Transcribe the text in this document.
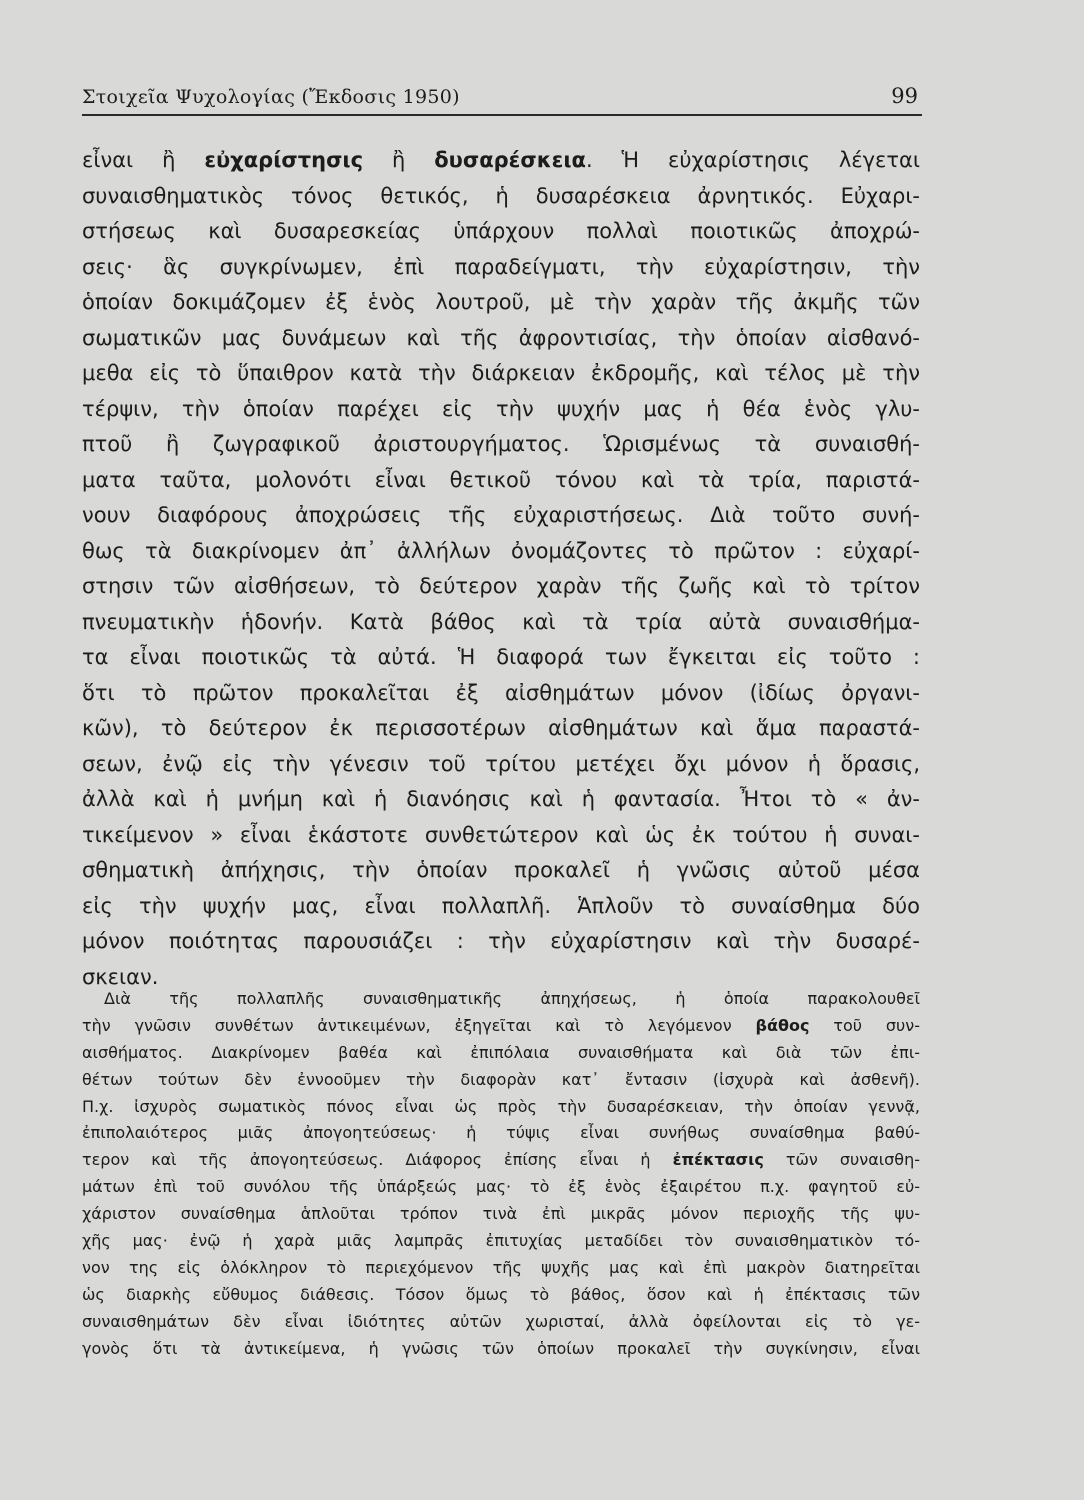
Στοιχεῖα Ψυχολογίας (Ἔκδοσις 1950)	99
εἶναι ἢ εὐχαρίστησις ἢ δυσαρέσκεια. Ἡ εὐχαρίστησις λέγεται
συναισθηματικὸς τόνος θετικός, ἡ δυσαρέσκεια ἀρνητικός. Εὐχαρι-
στήσεως καὶ δυσαρεσκείας ὑπάρχουν πολλαὶ ποιοτικῶς ἀποχρώ-
σεις· ἃς συγκρίνωμεν, ἐπὶ παραδείγματι, τὴν εὐχαρίστησιν, τὴν
ὁποίαν δοκιμάζομεν ἐξ ἑνὸς λουτροῦ, μὲ τὴν χαρὰν τῆς ἀκμῆς τῶν
σωματικῶν μας δυνάμεων καὶ τῆς ἀφροντισίας, τὴν ὁποίαν αἰσθανό-
μεθα εἰς τὸ ὕπαιθρον κατὰ τὴν διάρκειαν ἐκδρομῆς, καὶ τέλος μὲ τὴν
τέρψιν, τὴν ὁποίαν παρέχει εἰς τὴν ψυχήν μας ἡ θέα ἑνὸς γλυ-
πτοῦ ἢ ζωγραφικοῦ ἀριστουργήματος. Ὡρισμένως τὰ συναισθή-
ματα ταῦτα, μολονότι εἶναι θετικοῦ τόνου καὶ τὰ τρία, παριστά-
νουν διαφόρους ἀποχρώσεις τῆς εὐχαριστήσεως. Διὰ τοῦτο συνή-
θως τὰ διακρίνομεν ἀπ᾽ ἀλλήλων ὀνομάζοντες τὸ πρῶτον : εὐχαρί-
στησιν τῶν αἰσθήσεων, τὸ δεύτερον χαρὰν τῆς ζωῆς καὶ τὸ τρίτον
πνευματικὴν ἡδονήν. Κατὰ βάθος καὶ τὰ τρία αὐτὰ συναισθήμα-
τα εἶναι ποιοτικῶς τὰ αὐτά. Ἡ διαφορά των ἔγκειται εἰς τοῦτο :
ὅτι τὸ πρῶτον προκαλεῖται ἐξ αἰσθημάτων μόνον (ἰδίως ὀργανι-
κῶν), τὸ δεύτερον ἐκ περισσοτέρων αἰσθημάτων καὶ ἅμα παραστά-
σεων, ἐνῷ εἰς τὴν γένεσιν τοῦ τρίτου μετέχει ὄχι μόνον ἡ ὅρασις,
ἀλλὰ καὶ ἡ μνήμη καὶ ἡ διανόησις καὶ ἡ φαντασία. Ἦτοι τὸ « ἀν-
τικείμενον » εἶναι ἑκάστοτε συνθετώτερον καὶ ὡς ἐκ τούτου ἡ συναι-
σθηματικὴ ἀπήχησις, τὴν ὁποίαν προκαλεῖ ἡ γνῶσις αὐτοῦ μέσα
εἰς τὴν ψυχήν μας, εἶναι πολλαπλῆ. Ἁπλοῦν τὸ συναίσθημα δύο
μόνον ποιότητας παρουσιάζει : τὴν εὐχαρίστησιν καὶ τὴν δυσαρέ-
σκειαν.
Διὰ τῆς πολλαπλῆς συναισθηματικῆς ἀπηχήσεως, ἡ ὁποία παρακολουθεῖ
τὴν γνῶσιν συνθέτων ἀντικειμένων, ἐξηγεῖται καὶ τὸ λεγόμενον βάθος τοῦ συν-
αισθήματος. Διακρίνομεν βαθέα καὶ ἐπιπόλαια συναισθήματα καὶ διὰ τῶν ἐπι-
θέτων τούτων δὲν ἐννοοῦμεν τὴν διαφορὰν κατ᾽ ἔντασιν (ἰσχυρὰ καὶ ἀσθενῆ).
Π.χ. ἰσχυρὸς σωματικὸς πόνος εἶναι ὡς πρὸς τὴν δυσαρέσκειαν, τὴν ὁποίαν γεννᾷ,
ἐπιπολαιότερος μιᾶς ἀπογοητεύσεως· ἡ τύψις εἶναι συνήθως συναίσθημα βαθύ-
τερον καὶ τῆς ἀπογοητεύσεως. Διάφορος ἐπίσης εἶναι ἡ ἐπέκτασις τῶν συναισθη-
μάτων ἐπὶ τοῦ συνόλου τῆς ὑπάρξεώς μας· τὸ ἐξ ἑνὸς ἐξαιρέτου π.χ. φαγητοῦ εὐ-
χάριστον συναίσθημα ἁπλοῦται τρόπον τινὰ ἐπὶ μικρᾶς μόνον περιοχῆς τῆς ψυ-
χῆς μας· ἐνῷ ἡ χαρὰ μιᾶς λαμπρᾶς ἐπιτυχίας μεταδίδει τὸν συναισθηματικὸν τό-
νον της εἰς ὁλόκληρον τὸ περιεχόμενον τῆς ψυχῆς μας καὶ ἐπὶ μακρὸν διατηρεῖται
ὡς διαρκὴς εὔθυμος διάθεσις. Τόσον ὅμως τὸ βάθος, ὅσον καὶ ἡ ἐπέκτασις τῶν
συναισθημάτων δὲν εἶναι ἰδιότητες αὐτῶν χωρισταί, ἀλλὰ ὀφείλονται εἰς τὸ γε-
γονὸς ὅτι τὰ ἀντικείμενα, ἡ γνῶσις τῶν ὁποίων προκαλεῖ τὴν συγκίνησιν, εἶναι
